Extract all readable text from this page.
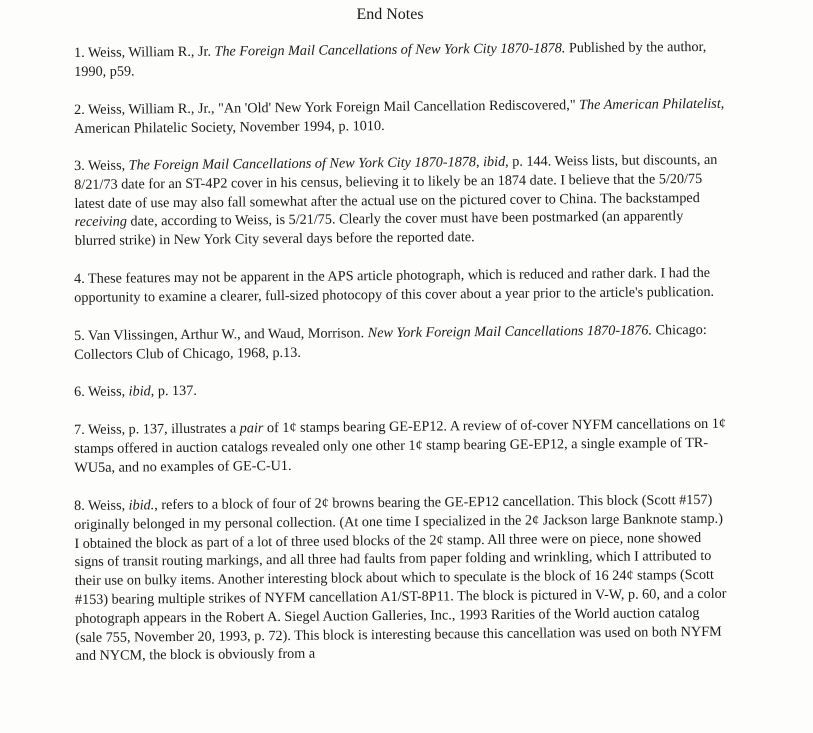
End Notes

1. Weiss, William R., Jr. The Foreign Mail Cancellations of New York City 1870-1878. Published by the author, 1990, p59.

2. Weiss, William R., Jr., "An 'Old' New York Foreign Mail Cancellation Rediscovered," The American Philatelist, American Philatelic Society, November 1994, p. 1010.

3. Weiss, The Foreign Mail Cancellations of New York City 1870-1878, ibid, p. 144. Weiss lists, but discounts, an 8/21/73 date for an ST-4P2 cover in his census, believing it to likely be an 1874 date. I believe that the 5/20/75 latest date of use may also fall somewhat after the actual use on the pictured cover to China. The backstamped receiving date, according to Weiss, is 5/21/75. Clearly the cover must have been postmarked (an apparently blurred strike) in New York City several days before the reported date.

4. These features may not be apparent in the APS article photograph, which is reduced and rather dark. I had the opportunity to examine a clearer, full-sized photocopy of this cover about a year prior to the article's publication.

5. Van Vlissingen, Arthur W., and Waud, Morrison. New York Foreign Mail Cancellations 1870-1876. Chicago: Collectors Club of Chicago, 1968, p.13.

6. Weiss, ibid, p. 137.

7. Weiss, p. 137, illustrates a pair of 1¢ stamps bearing GE-EP12. A review of of-cover NYFM cancellations on 1¢ stamps offered in auction catalogs revealed only one other 1¢ stamp bearing GE-EP12, a single example of TR-WU5a, and no examples of GE-C-U1.

8. Weiss, ibid., refers to a block of four of 2¢ browns bearing the GE-EP12 cancellation. This block (Scott #157) originally belonged in my personal collection. (At one time I specialized in the 2¢ Jackson large Banknote stamp.) I obtained the block as part of a lot of three used blocks of the 2¢ stamp. All three were on piece, none showed signs of transit routing markings, and all three had faults from paper folding and wrinkling, which I attributed to their use on bulky items. Another interesting block about which to speculate is the block of 16 24¢ stamps (Scott #153) bearing multiple strikes of NYFM cancellation A1/ST-8P11. The block is pictured in V-W, p. 60, and a color photograph appears in the Robert A. Siegel Auction Galleries, Inc., 1993 Rarities of the World auction catalog (sale 755, November 20, 1993, p. 72). This block is interesting because this cancellation was used on both NYFM and NYCM, the block is obviously from a
